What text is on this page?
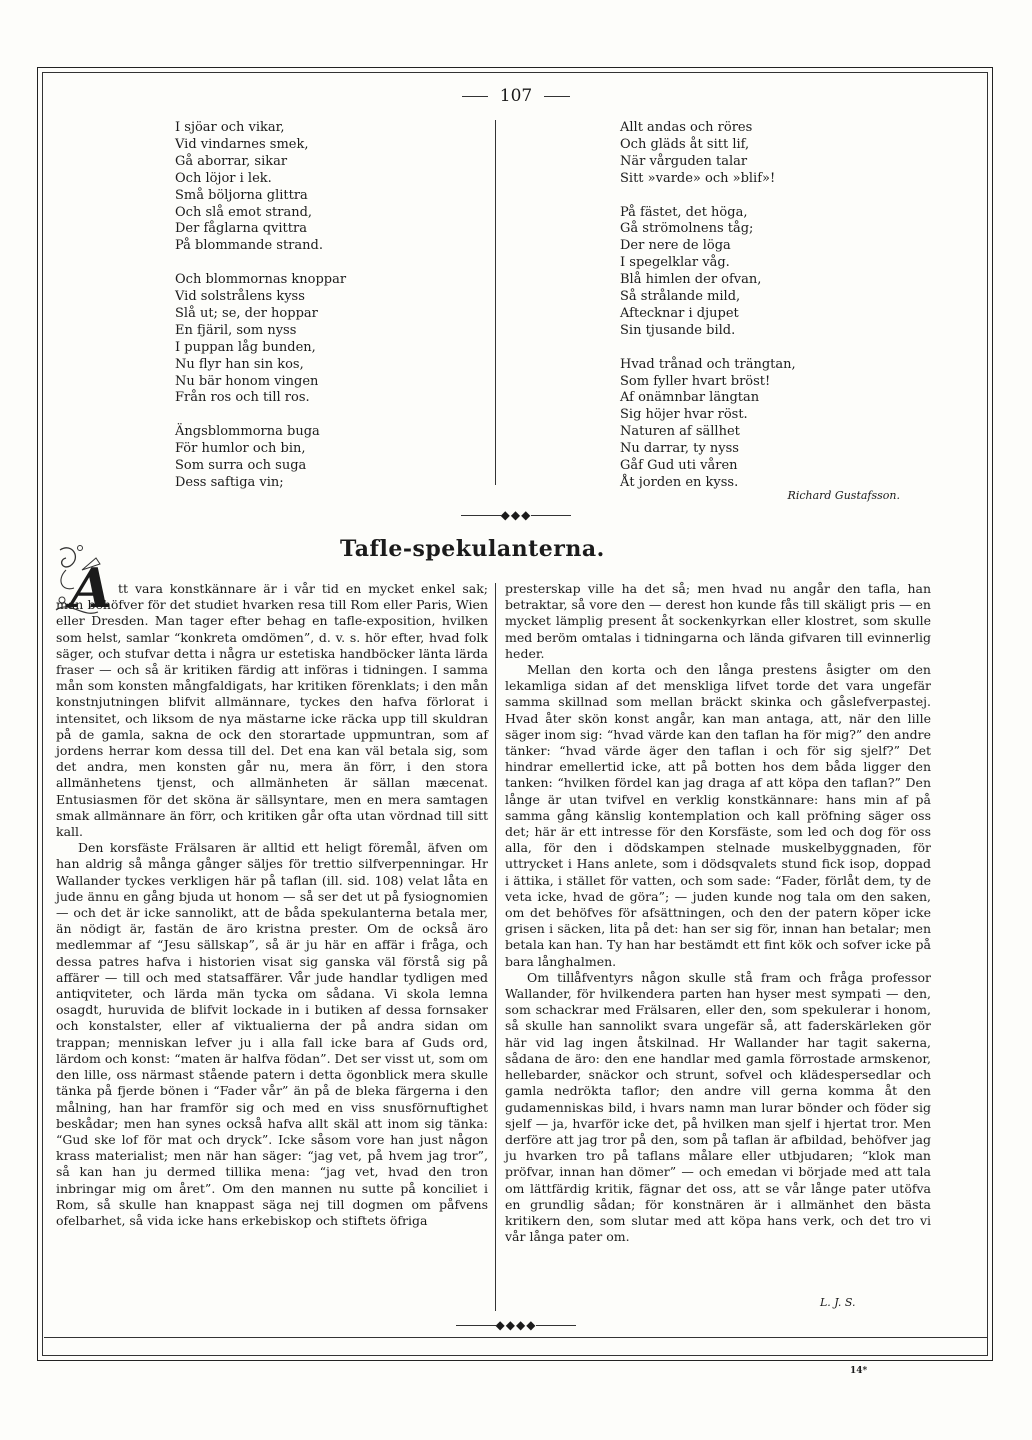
107
I sjöar och vikar,
Vid vindarnes smek,
Gå aborrar, sikar
Och löjor i lek.
Små böljorna glittra
Och slå emot strand,
Der fåglarna qvittra
På blommande strand.
Och blommornas knoppar
Vid solstrålens kyss
Slå ut; se, der hoppar
En fjäril, som nyss
I puppan låg bunden,
Nu flyr han sin kos,
Nu bär honom vingen
Från ros och till ros.
Ängsblommorna buga
För humlor och bin,
Som surra och suga
Dess saftiga vin;
Allt andas och röres
Och gläds åt sitt lif,
När vårguden talar
Sitt »varde» och »blif»!
På fästet, det höga,
Gå strömolnens tåg;
Der nere de löga
I spegelklar våg.
Blå himlen der ofvan,
Så strålande mild,
Aftecknar i djupet
Sin tjusande bild.
Hvad trånad och trängtan,
Som fyller hvart bröst!
Af onämnbar längtan
Sig höjer hvar röst.
Naturen af sällhet
Nu darrar, ty nyss
Gåf Gud uti våren
Åt jorden en kyss.
Richard Gustafsson.
◆◆◆
A
Tafle-spekulanterna.

tt vara konstkännare är i vår tid en mycket enkel sak; man behöfver för det studiet hvarken resa till Rom eller Paris, Wien eller Dresden. Man tager efter behag en tafle-exposition, hvilken som helst, samlar “konkreta omdömen”, d. v. s. hör efter, hvad folk säger, och stufvar detta i några ur estetiska handböcker länta lärda fraser — och så är kritiken färdig att införas i tidningen. I samma mån som konsten mångfaldigats, har kritiken förenklats; i den mån konstnjutningen blifvit allmännare, tyckes den hafva förlorat i intensitet, och liksom de nya mästarne icke räcka upp till skuldran på de gamla, sakna de ock den storartade uppmuntran, som af jordens herrar kom dessa till del. Det ena kan väl betala sig, som det andra, men konsten går nu, mera än förr, i den stora allmänhetens tjenst, och allmänheten är sällan mæcenat. Entusiasmen för det sköna är sällsyntare, men en mera samtagen smak allmännare än förr, och kritiken går ofta utan vördnad till sitt kall.

Den korsfäste Frälsaren är alltid ett heligt föremål, äfven om han aldrig så många gånger säljes för trettio silfverpenningar. Hr Wallander tyckes verkligen här på taflan (ill. sid. 108) velat låta en jude ännu en gång bjuda ut honom — så ser det ut på fysiognomien — och det är icke sannolikt, att de båda spekulanterna betala mer, än nödigt är, fastän de äro kristna prester. Om de också äro medlemmar af “Jesu sällskap”, så är ju här en affär i fråga, och dessa patres hafva i historien visat sig ganska väl förstå sig på affärer — till och med statsaffärer. Vår jude handlar tydligen med antiqviteter, och lärda män tycka om sådana. Vi skola lemna osagdt, huruvida de blifvit lockade in i butiken af dessa fornsaker och konstalster, eller af viktualierna der på andra sidan om trappan; menniskan lefver ju i alla fall icke bara af Guds ord, lärdom och konst: “maten är halfva födan”. Det ser visst ut, som om den lille, oss närmast stående patern i detta ögonblick mera skulle tänka på fjerde bönen i “Fader vår” än på de bleka färgerna i den målning, han har framför sig och med en viss snusförnuftighet beskådar; men han synes också hafva allt skäl att inom sig tänka: “Gud ske lof för mat och dryck”. Icke såsom vore han just någon krass materialist; men när han säger: “jag vet, på hvem jag tror”, så kan han ju dermed tillika mena: “jag vet, hvad den tron inbringar mig om året”. Om den mannen nu sutte på konciliet i Rom, så skulle han knappast säga nej till dogmen om påfvens ofelbarhet, så vida icke hans erkebiskop och stiftets öfriga

presterskap ville ha det så; men hvad nu angår den tafla, han betraktar, så vore den — derest hon kunde fås till skäligt pris — en mycket lämplig present åt sockenkyrkan eller klostret, som skulle med beröm omtalas i tidningarna och lända gifvaren till evinnerlig heder.

Mellan den korta och den långa prestens åsigter om den lekamliga sidan af det menskliga lifvet torde det vara ungefär samma skillnad som mellan bräckt skinka och gåslefverpastej. Hvad åter skön konst angår, kan man antaga, att, när den lille säger inom sig: “hvad värde kan den taflan ha för mig?” den andre tänker: “hvad värde äger den taflan i och för sig sjelf?” Det hindrar emellertid icke, att på botten hos dem båda ligger den tanken: “hvilken fördel kan jag draga af att köpa den taflan?” Den långe är utan tvifvel en verklig konstkännare: hans min af på samma gång känslig kontemplation och kall pröfning säger oss det; här är ett intresse för den Korsfäste, som led och dog för oss alla, för den i dödskampen stelnade muskelbyggnaden, för uttrycket i Hans anlete, som i dödsqvalets stund fick isop, doppad i ättika, i stället för vatten, och som sade: “Fader, förlåt dem, ty de veta icke, hvad de göra”; — juden kunde nog tala om den saken, om det behöfves för afsättningen, och den der patern köper icke grisen i säcken, lita på det: han ser sig för, innan han betalar; men betala kan han. Ty han har bestämdt ett fint kök och sofver icke på bara långhalmen.

Om tillåfventyrs någon skulle stå fram och fråga professor Wallander, för hvilkendera parten han hyser mest sympati — den, som schackrar med Frälsaren, eller den, som spekulerar i honom, så skulle han sannolikt svara ungefär så, att faderskärleken gör här vid lag ingen åtskilnad. Hr Wallander har tagit sakerna, sådana de äro: den ene handlar med gamla förrostade armskenor, hellebarder, snäckor och strunt, sofvel och klädespersedlar och gamla nedrökta taflor; den andre vill gerna komma åt den gudamenniskas bild, i hvars namn man lurar bönder och föder sig sjelf — ja, hvarför icke det, på hvilken man sjelf i hjertat tror. Men derföre att jag tror på den, som på taflan är afbildad, behöfver jag ju hvarken tro på taflans målare eller utbjudaren; “klok man pröfvar, innan han dömer” — och emedan vi började med att tala om lättfärdig kritik, fägnar det oss, att se vår långe pater utöfva en grundlig sådan; för konstnären är i allmänhet den bästa kritikern den, som slutar med att köpa hans verk, och det tro vi vår långa pater om.

L. J. S.
◆◆◆◆
14*
